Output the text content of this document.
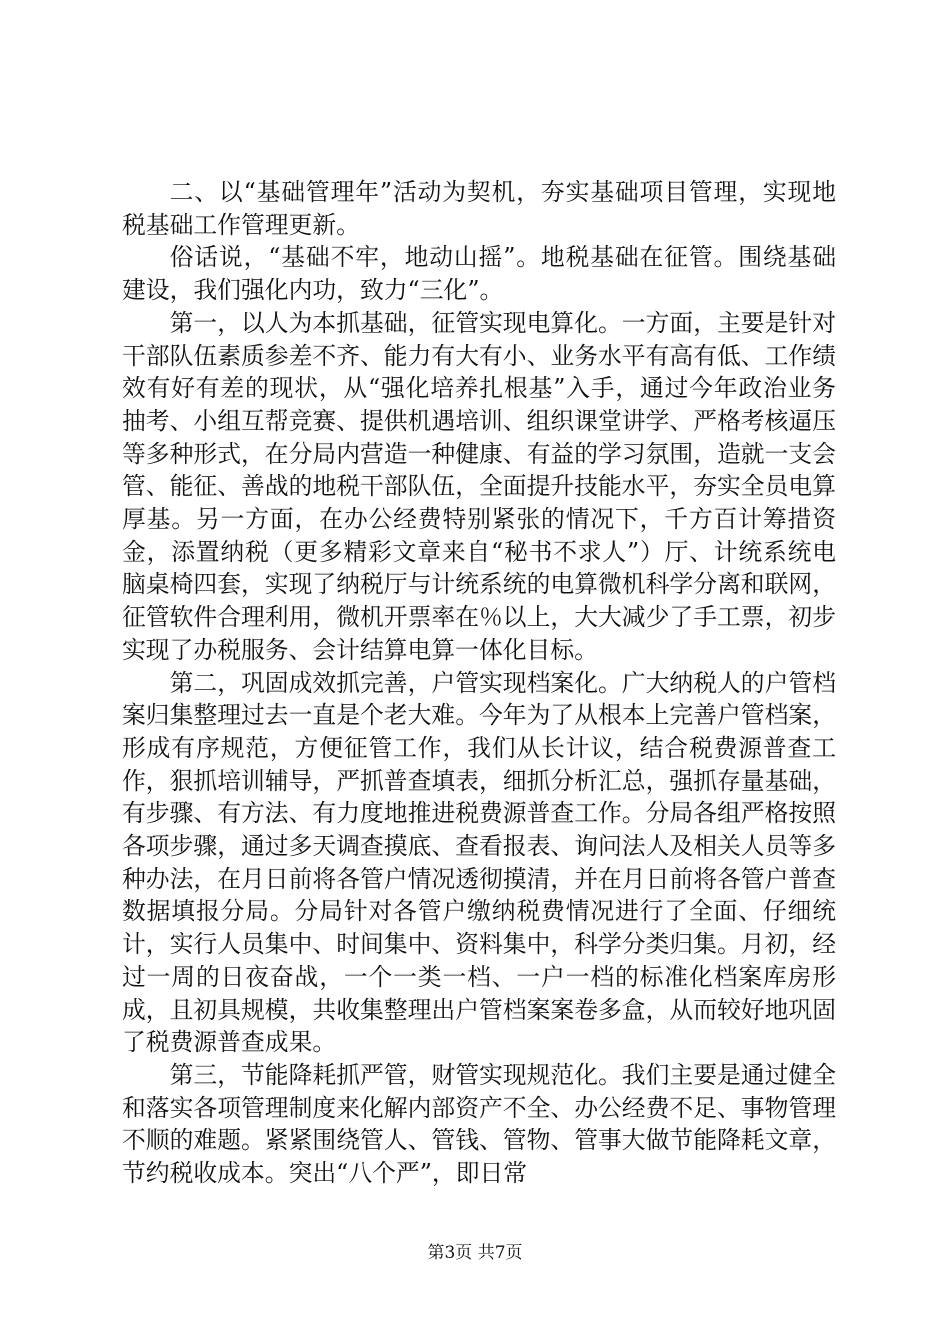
二、以“基础管理年”活动为契机，夯实基础项目管理，实现地税基础工作管理更新。

俗话说，“基础不牢，地动山摇”。地税基础在征管。围绕基础建设，我们强化内功，致力“三化”。

第一，以人为本抓基础，征管实现电算化。一方面，主要是针对干部队伍素质参差不齐、能力有大有小、业务水平有高有低、工作绩效有好有差的现状，从“强化培养扎根基”入手，通过今年政治业务抽考、小组互帮竞赛、提供机遇培训、组织课堂讲学、严格考核逼压等多种形式，在分局内营造一种健康、有益的学习氛围，造就一支会管、能征、善战的地税干部队伍，全面提升技能水平，夯实全员电算厚基。另一方面，在办公经费特别紧张的情况下，千方百计筹措资金，添置纳税（更多精彩文章来自“秘书不求人”）厅、计统系统电脑桌椅四套，实现了纳税厅与计统系统的电算微机科学分离和联网，征管软件合理利用，微机开票率在％以上，大大减少了手工票，初步实现了办税服务、会计结算电算一体化目标。

第二，巩固成效抓完善，户管实现档案化。广大纳税人的户管档案归集整理过去一直是个老大难。今年为了从根本上完善户管档案，形成有序规范，方便征管工作，我们从长计议，结合税费源普查工作，狠抓培训辅导，严抓普查填表，细抓分析汇总，强抓存量基础，有步骤、有方法、有力度地推进税费源普查工作。分局各组严格按照各项步骤，通过多天调查摸底、查看报表、询问法人及相关人员等多种办法，在月日前将各管户情况透彻摸清，并在月日前将各管户普查数据填报分局。分局针对各管户缴纳税费情况进行了全面、仔细统计，实行人员集中、时间集中、资料集中，科学分类归集。月初，经过一周的日夜奋战，一个一类一档、一户一档的标准化档案库房形成，且初具规模，共收集整理出户管档案案卷多盒，从而较好地巩固了税费源普查成果。

第三，节能降耗抓严管，财管实现规范化。我们主要是通过健全和落实各项管理制度来化解内部资产不全、办公经费不足、事物管理不顺的难题。紧紧围绕管人、管钱、管物、管事大做节能降耗文章，节约税收成本。突出“八个严”，即日常

第3页 共7页
